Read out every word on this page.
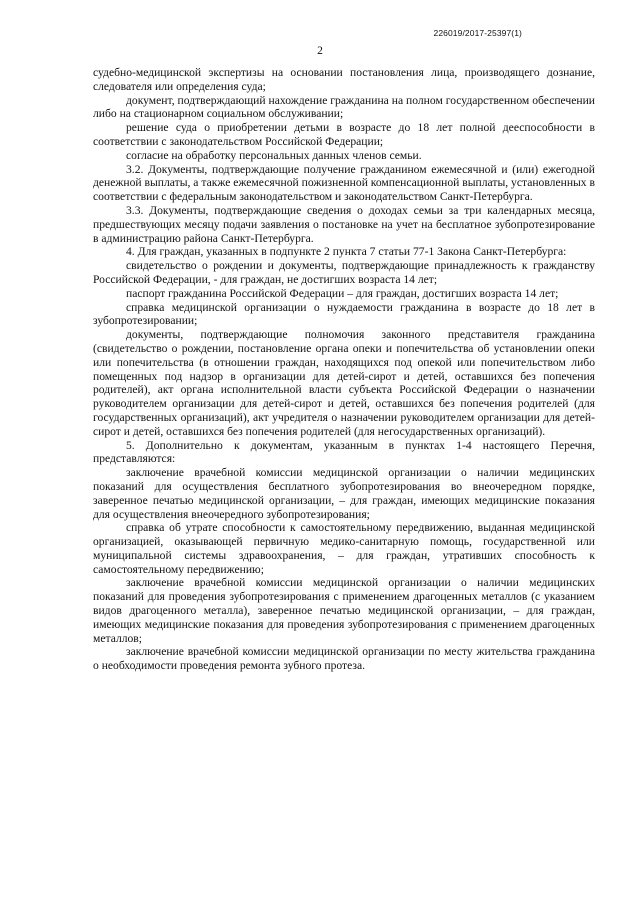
226019/2017-25397(1)
2

судебно-медицинской экспертизы на основании постановления лица, производящего дознание, следователя или определения суда;

документ, подтверждающий нахождение гражданина на полном государственном обеспечении либо на стационарном социальном обслуживании;

решение суда о приобретении детьми в возрасте до 18 лет полной дееспособности в соответствии с законодательством Российской Федерации;

согласие на обработку персональных данных членов семьи.

3.2. Документы, подтверждающие получение гражданином ежемесячной и (или) ежегодной денежной выплаты, а также ежемесячной пожизненной компенсационной выплаты, установленных в соответствии с федеральным законодательством и законодательством Санкт-Петербурга.

3.3. Документы, подтверждающие сведения о доходах семьи за три календарных месяца, предшествующих месяцу подачи заявления о постановке на учет на бесплатное зубопротезирование в администрацию района Санкт-Петербурга.

4. Для граждан, указанных в подпункте 2 пункта 7 статьи 77-1 Закона Санкт-Петербурга:

свидетельство о рождении и документы, подтверждающие принадлежность к гражданству Российской Федерации, - для граждан, не достигших возраста 14 лет;

паспорт гражданина Российской Федерации – для граждан, достигших возраста 14 лет;

справка медицинской организации о нуждаемости гражданина в возрасте до 18 лет в зубопротезировании;

документы, подтверждающие полномочия законного представителя гражданина (свидетельство о рождении, постановление органа опеки и попечительства об установлении опеки или попечительства (в отношении граждан, находящихся под опекой или попечительством либо помещенных под надзор в организации для детей-сирот и детей, оставшихся без попечения родителей), акт органа исполнительной власти субъекта Российской Федерации о назначении руководителем организации для детей-сирот и детей, оставшихся без попечения родителей (для государственных организаций), акт учредителя о назначении руководителем организации для детей-сирот и детей, оставшихся без попечения родителей (для негосударственных организаций).

5. Дополнительно к документам, указанным в пунктах 1-4 настоящего Перечня, представляются:

заключение врачебной комиссии медицинской организации о наличии медицинских показаний для осуществления бесплатного зубопротезирования во внеочередном порядке, заверенное печатью медицинской организации, – для граждан, имеющих медицинские показания для осуществления внеочередного зубопротезирования;

справка об утрате способности к самостоятельному передвижению, выданная медицинской организацией, оказывающей первичную медико-санитарную помощь, государственной или муниципальной системы здравоохранения, – для граждан, утративших способность к самостоятельному передвижению;

заключение врачебной комиссии медицинской организации о наличии медицинских показаний для проведения зубопротезирования с применением драгоценных металлов (с указанием видов драгоценного металла), заверенное печатью медицинской организации, – для граждан, имеющих медицинские показания для проведения зубопротезирования с применением драгоценных металлов;

заключение врачебной комиссии медицинской организации по месту жительства гражданина о необходимости проведения ремонта зубного протеза.
